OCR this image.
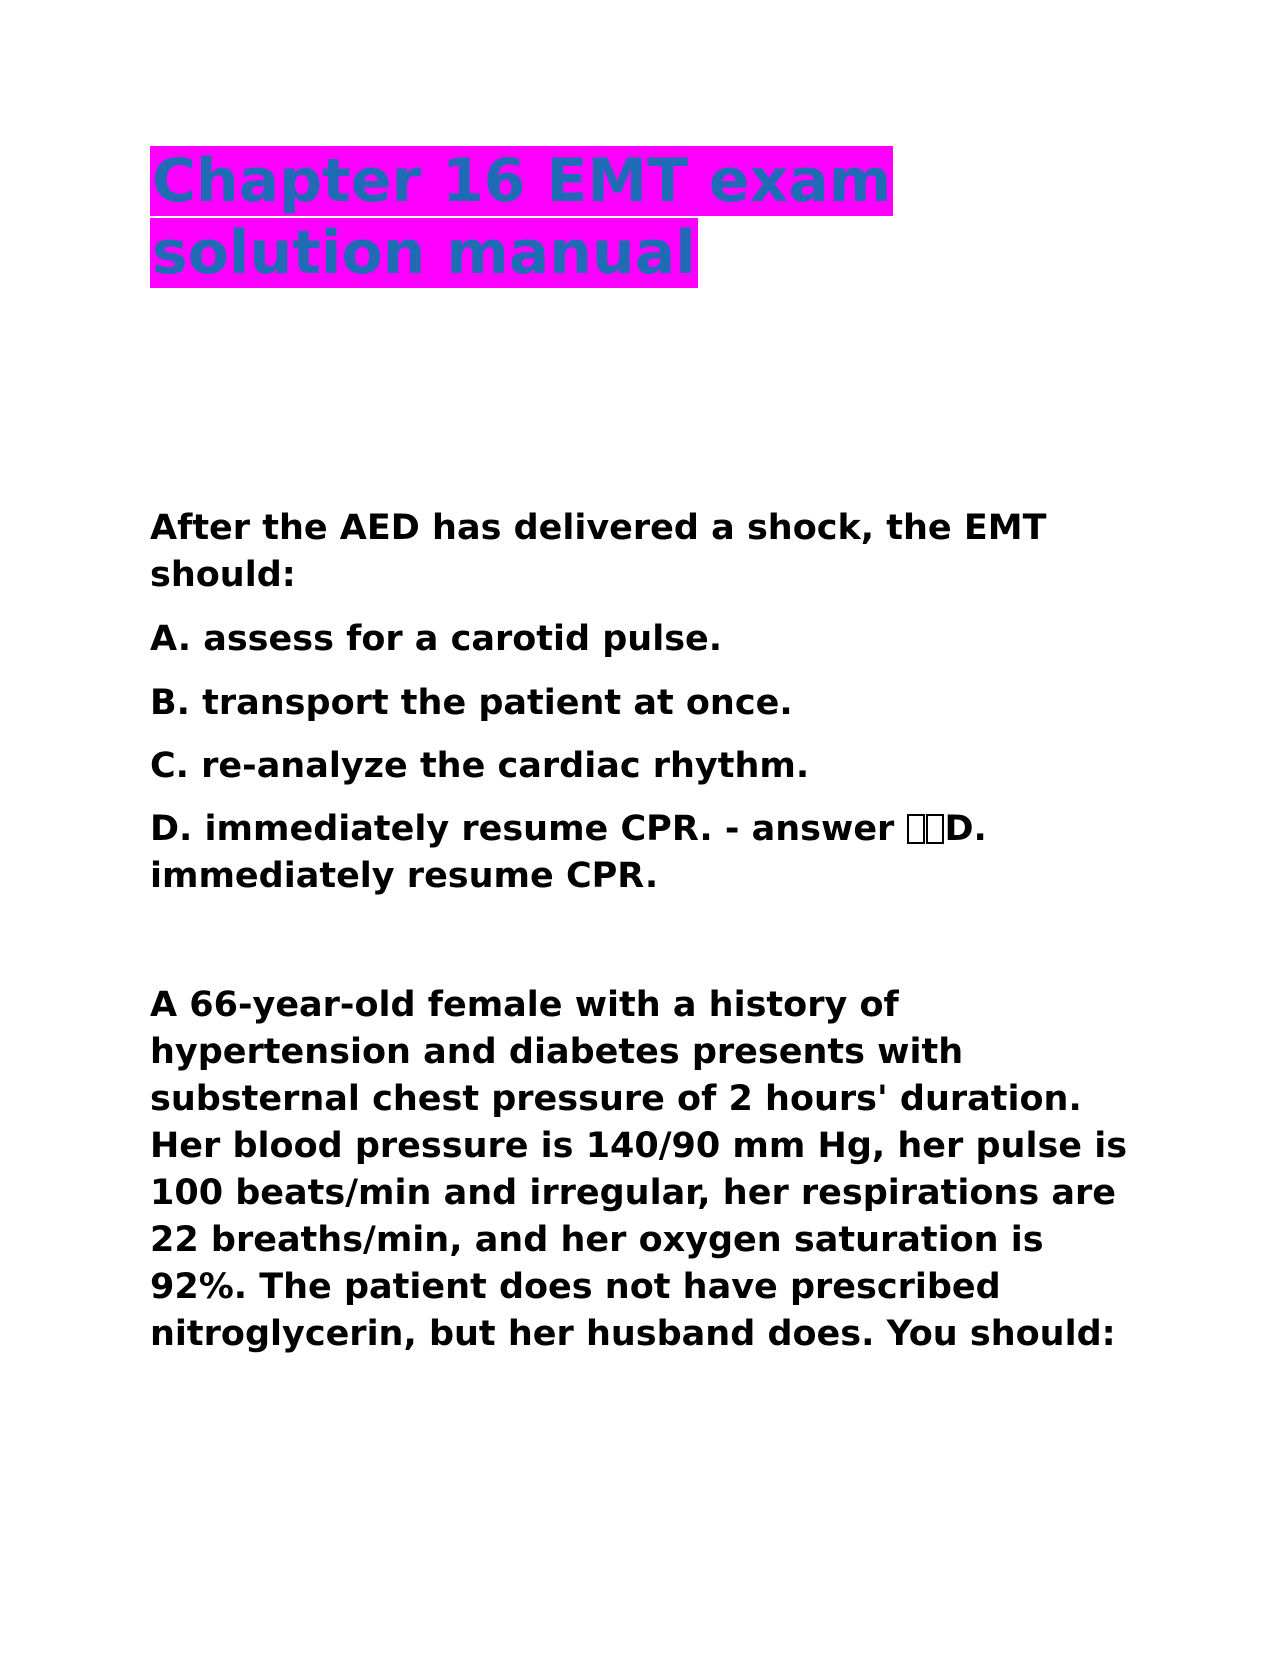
Chapter 16 EMT exam
solution manual

After the AED has delivered a shock, the EMT should:

A. assess for a carotid pulse.

B. transport the patient at once.

C. re-analyze the cardiac rhythm.

D. immediately resume CPR. - answer D. immediately resume CPR.

A 66-year-old female with a history of hypertension and diabetes presents with substernal chest pressure of 2 hours' duration. Her blood pressure is 140/90 mm Hg, her pulse is 100 beats/min and irregular, her respirations are 22 breaths/min, and her oxygen saturation is 92%. The patient does not have prescribed nitroglycerin, but her husband does. You should:
